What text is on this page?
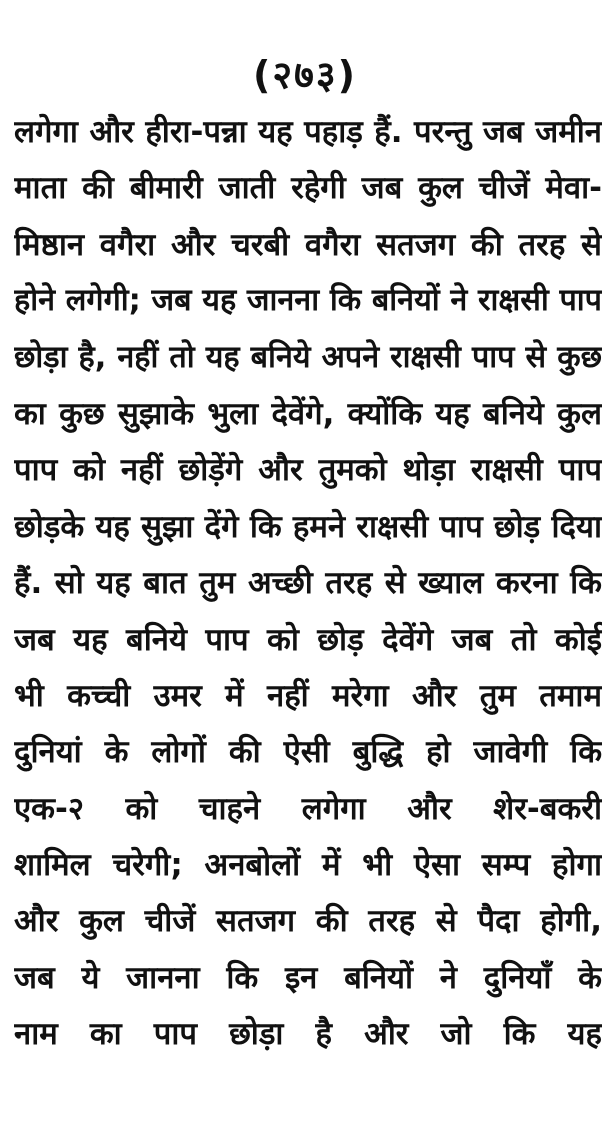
(२७३)
लगेगा और हीरा-पन्ना यह पहाड़ हैं. परन्तु जब जमीन
माता की बीमारी जाती रहेगी जब कुल चीजें मेवा-
मिष्ठान वगैरा और चरबी वगैरा सतजग की तरह से
होने लगेगी; जब यह जानना कि बनियों ने राक्षसी पाप
छोड़ा है, नहीं तो यह बनिये अपने राक्षसी पाप से कुछ
का कुछ सुझाके भुला देवेंगे, क्योंकि यह बनिये कुल
पाप को नहीं छोड़ेंगे और तुमको थोड़ा राक्षसी पाप
छोड़के यह सुझा देंगे कि हमने राक्षसी पाप छोड़ दिया
हैं. सो यह बात तुम अच्छी तरह से ख्याल करना कि
जब यह बनिये पाप को छोड़ देवेंगे जब तो कोई
भी कच्ची उमर में नहीं मरेगा और तुम तमाम
दुनियां के लोगों की ऐसी बुद्धि हो जावेगी कि
एक-२ को चाहने लगेगा और शेर-बकरी
शामिल चरेगी; अनबोलों में भी ऐसा सम्प होगा
और कुल चीजें सतजग की तरह से पैदा होगी,
जब ये जानना कि इन बनियों ने दुनियाँ के
नाम का पाप छोड़ा है और जो कि यह
